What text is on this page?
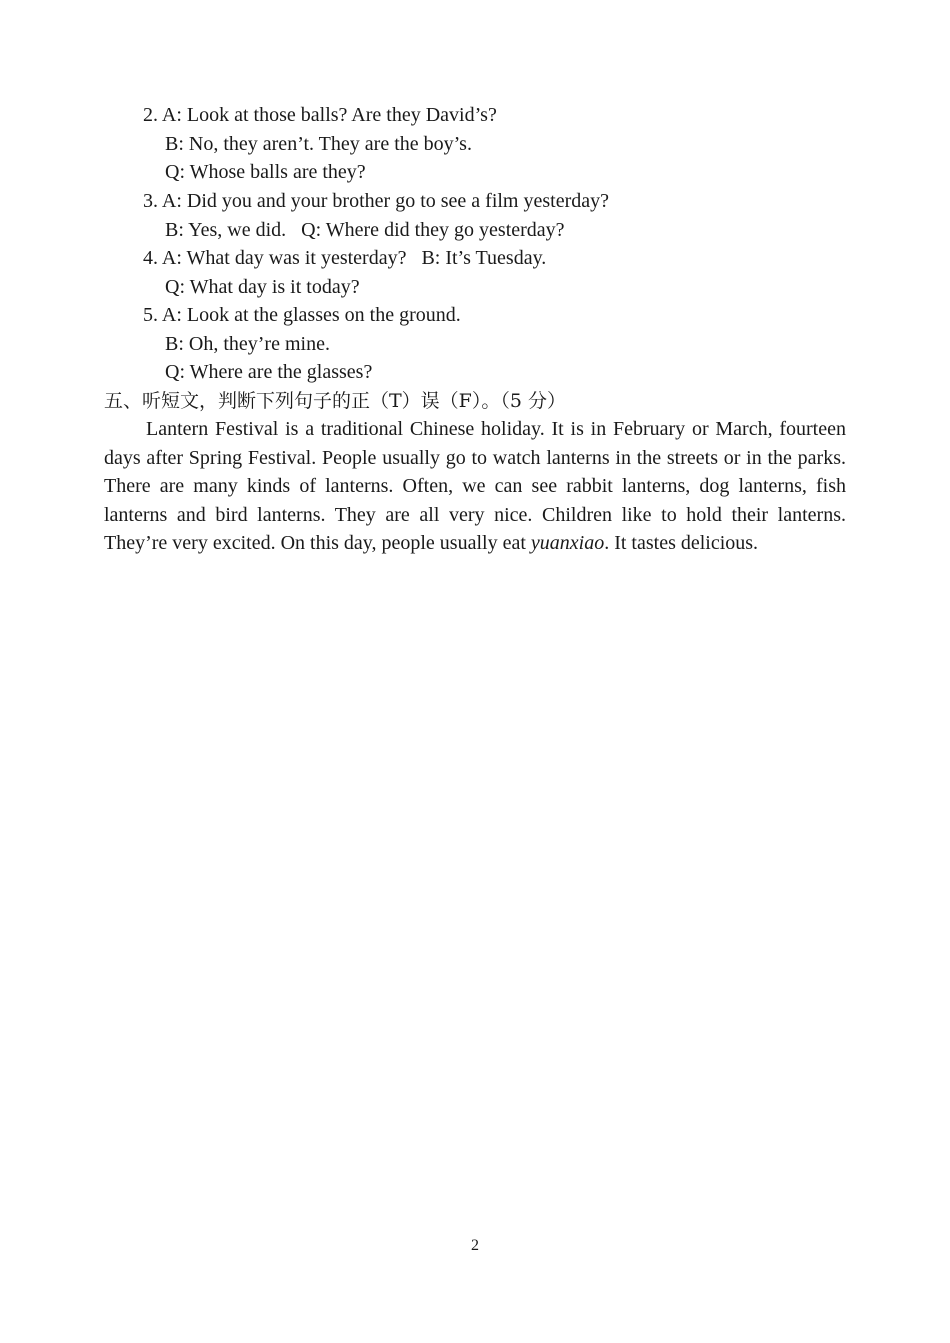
2. A: Look at those balls? Are they David’s?
B: No, they aren’t. They are the boy’s.
Q: Whose balls are they?
3. A: Did you and your brother go to see a film yesterday?
B: Yes, we did.   Q: Where did they go yesterday?
4. A: What day was it yesterday?   B: It’s Tuesday.
Q: What day is it today?
5. A: Look at the glasses on the ground.
B: Oh, they’re mine.
Q: Where are the glasses?
五、听短文，判断下列句子的正（T）误（F）。（5 分）

Lantern Festival is a traditional Chinese holiday. It is in February or March, fourteen days after Spring Festival. People usually go to watch lanterns in the streets or in the parks. There are many kinds of lanterns. Often, we can see rabbit lanterns, dog lanterns, fish lanterns and bird lanterns. They are all very nice. Children like to hold their lanterns. They’re very excited. On this day, people usually eat yuanxiao. It tastes delicious.

2
